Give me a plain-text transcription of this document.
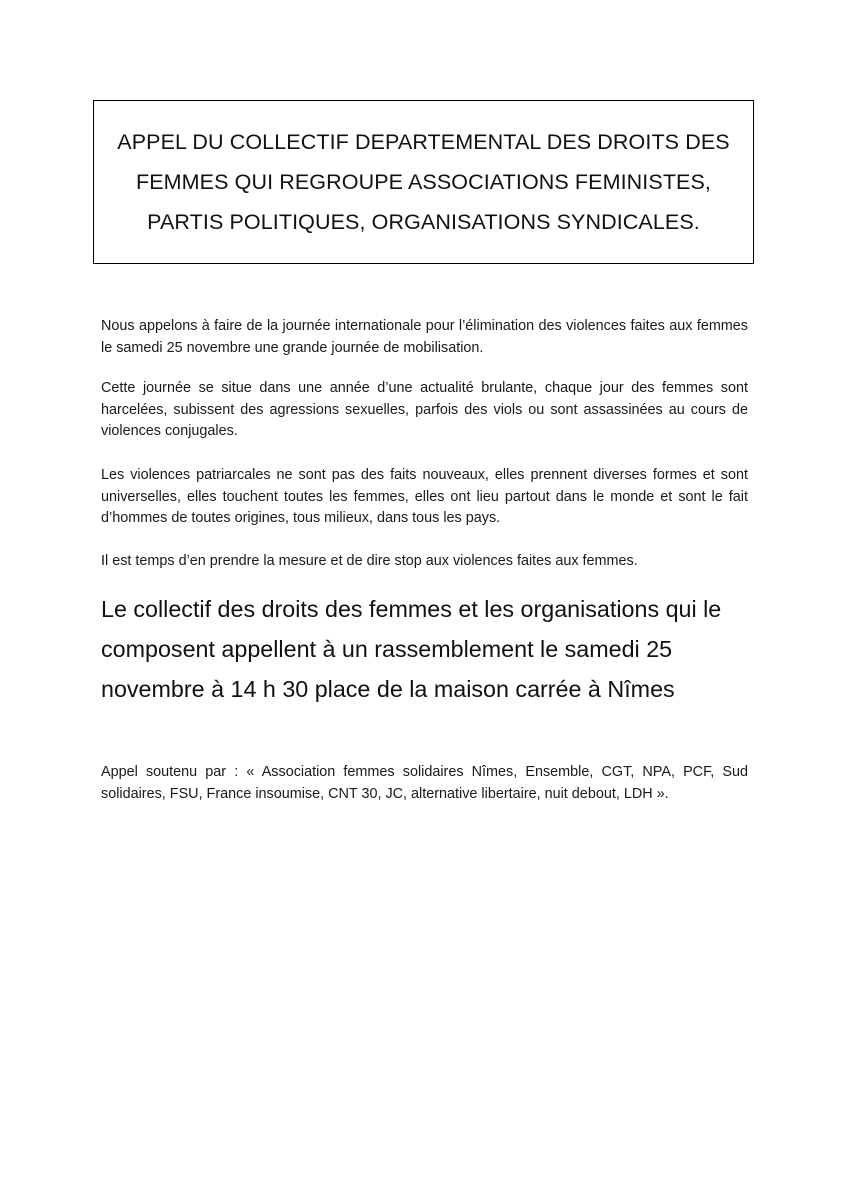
APPEL DU COLLECTIF DEPARTEMENTAL DES DROITS DES FEMMES QUI REGROUPE ASSOCIATIONS FEMINISTES, PARTIS POLITIQUES, ORGANISATIONS SYNDICALES.

Nous appelons à faire de la journée internationale pour l’élimination des violences faites aux femmes le samedi 25 novembre une grande journée de mobilisation.

Cette journée se situe dans une année d’une actualité brulante, chaque jour des femmes sont harcelées, subissent des agressions sexuelles, parfois des viols ou sont assassinées au cours de violences conjugales.

Les violences patriarcales ne sont pas des faits nouveaux, elles prennent diverses formes et sont universelles, elles touchent toutes les femmes, elles ont lieu partout dans le monde et sont le fait d’hommes de toutes origines, tous milieux, dans tous les pays.

Il est temps d’en prendre la mesure et de dire stop aux violences faites aux femmes.

Le collectif des droits des femmes et les organisations qui le composent appellent à un rassemblement le samedi 25 novembre à 14 h 30 place de la maison carrée à Nîmes

Appel soutenu par : « Association femmes solidaires Nîmes, Ensemble, CGT, NPA, PCF, Sud solidaires, FSU, France insoumise, CNT 30, JC, alternative libertaire, nuit debout, LDH ».
